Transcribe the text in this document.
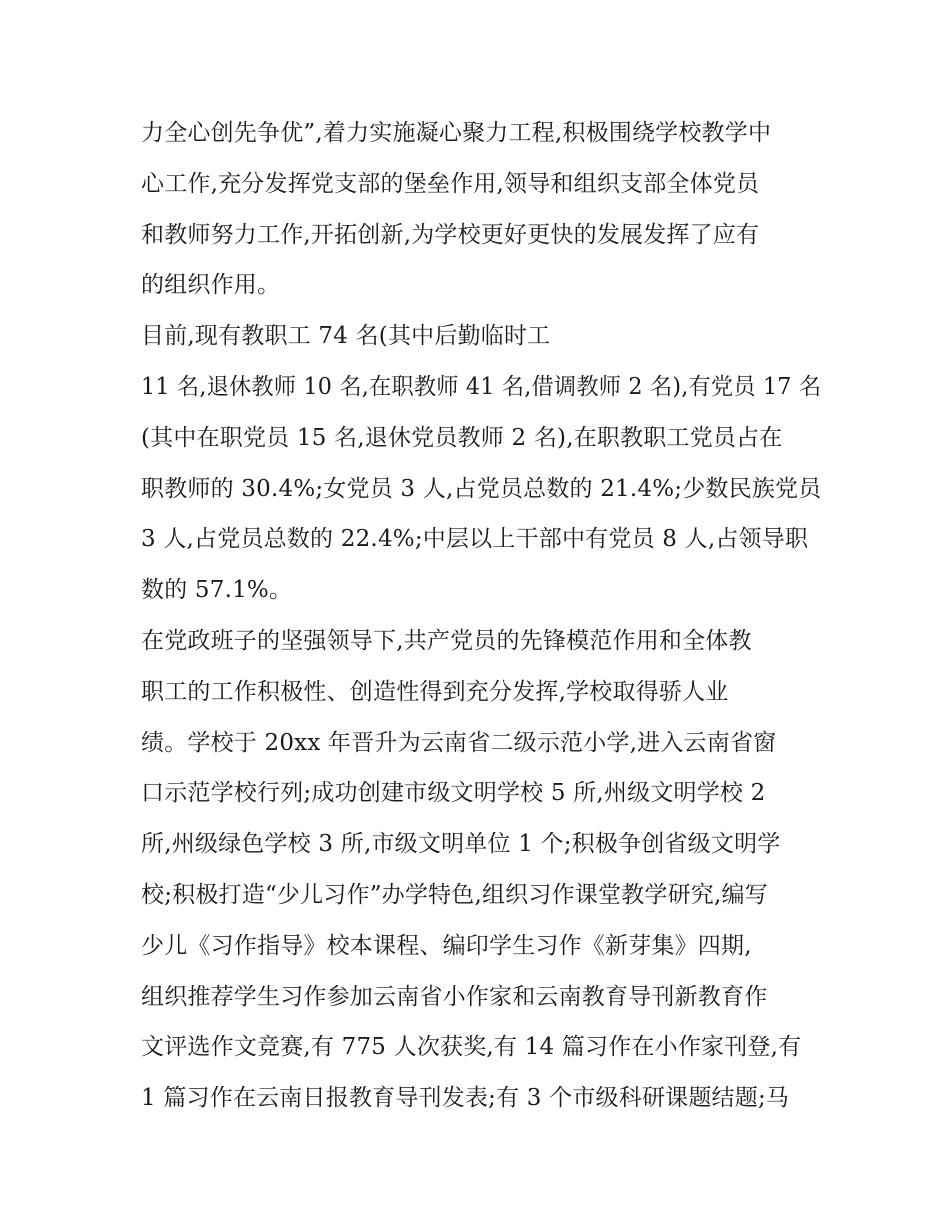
力全心创先争优”,着力实施凝心聚力工程,积极围绕学校教学中
心工作,充分发挥党支部的堡垒作用,领导和组织支部全体党员
和教师努力工作,开拓创新,为学校更好更快的发展发挥了应有
的组织作用。
目前,现有教职工 74 名(其中后勤临时工
11 名,退休教师 10 名,在职教师 41 名,借调教师 2 名),有党员 17 名
(其中在职党员 15 名,退休党员教师 2 名),在职教职工党员占在
职教师的 30.4%;女党员 3 人,占党员总数的 21.4%;少数民族党员
3 人,占党员总数的 22.4%;中层以上干部中有党员 8 人,占领导职
数的 57.1%。
在党政班子的坚强领导下,共产党员的先锋模范作用和全体教
职工的工作积极性、创造性得到充分发挥,学校取得骄人业
绩。学校于 20xx 年晋升为云南省二级示范小学,进入云南省窗
口示范学校行列;成功创建市级文明学校 5 所,州级文明学校 2
所,州级绿色学校 3 所,市级文明单位 1 个;积极争创省级文明学
校;积极打造“少儿习作”办学特色,组织习作课堂教学研究,编写
少儿《习作指导》校本课程、编印学生习作《新芽集》四期,
组织推荐学生习作参加云南省小作家和云南教育导刊新教育作
文评选作文竞赛,有 775 人次获奖,有 14 篇习作在小作家刊登,有
1 篇习作在云南日报教育导刊发表;有 3 个市级科研课题结题;马
